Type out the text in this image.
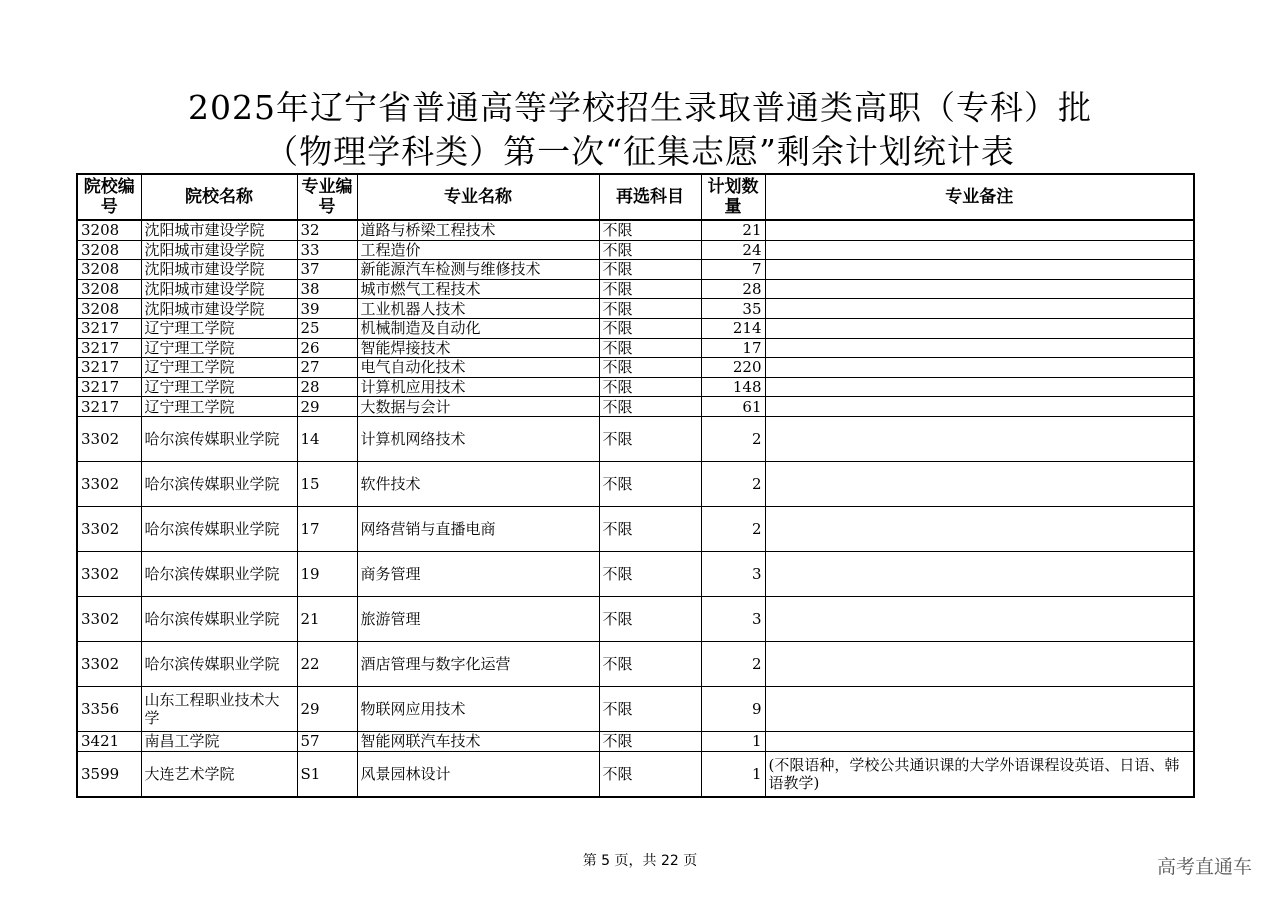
2025年辽宁省普通高等学校招生录取普通类高职（专科）批
（物理学科类）第一次“征集志愿”剩余计划统计表
院校编号	院校名称	专业编号	专业名称	再选科目	计划数量	专业备注
3208	沈阳城市建设学院	32	道路与桥梁工程技术	不限	21	
3208	沈阳城市建设学院	33	工程造价	不限	24	
3208	沈阳城市建设学院	37	新能源汽车检测与维修技术	不限	7	
3208	沈阳城市建设学院	38	城市燃气工程技术	不限	28	
3208	沈阳城市建设学院	39	工业机器人技术	不限	35	
3217	辽宁理工学院	25	机械制造及自动化	不限	214	
3217	辽宁理工学院	26	智能焊接技术	不限	17	
3217	辽宁理工学院	27	电气自动化技术	不限	220	
3217	辽宁理工学院	28	计算机应用技术	不限	148	
3217	辽宁理工学院	29	大数据与会计	不限	61	
3302	哈尔滨传媒职业学院	14	计算机网络技术	不限	2	
3302	哈尔滨传媒职业学院	15	软件技术	不限	2	
3302	哈尔滨传媒职业学院	17	网络营销与直播电商	不限	2	
3302	哈尔滨传媒职业学院	19	商务管理	不限	3	
3302	哈尔滨传媒职业学院	21	旅游管理	不限	3	
3302	哈尔滨传媒职业学院	22	酒店管理与数字化运营	不限	2	
3356	山东工程职业技术大学	29	物联网应用技术	不限	9	
3421	南昌工学院	57	智能网联汽车技术	不限	1	
3599	大连艺术学院	S1	风景园林设计	不限	1	(不限语种，学校公共通识课的大学外语课程设英语、日语、韩语教学)
第 5 页，共 22 页	高考直通车
